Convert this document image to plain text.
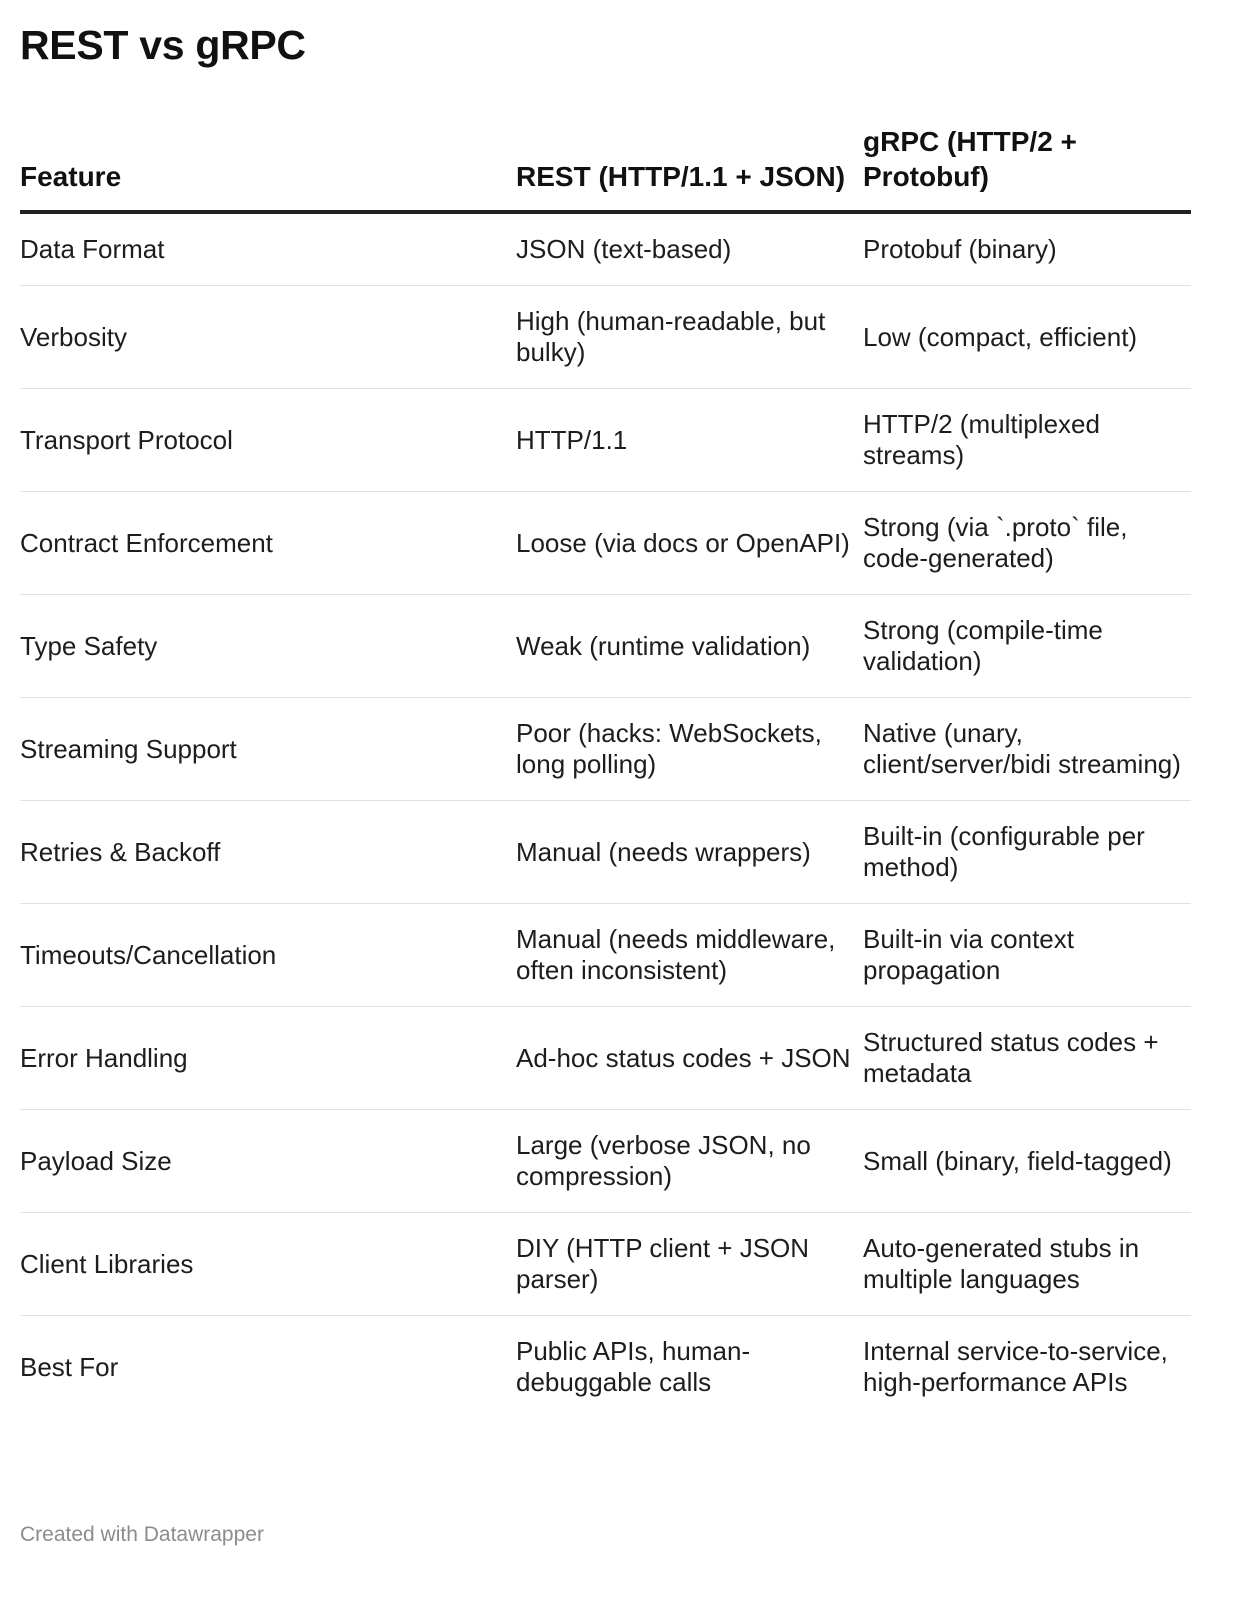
REST vs gRPC
Feature	REST (HTTP/1.1 + JSON)	gRPC (HTTP/2 + Protobuf)
Data Format	JSON (text-based)	Protobuf (binary)
Verbosity	High (human-readable, but bulky)	Low (compact, efficient)
Transport Protocol	HTTP/1.1	HTTP/2 (multiplexed streams)
Contract Enforcement	Loose (via docs or OpenAPI)	Strong (via `.proto` file, code-generated)
Type Safety	Weak (runtime validation)	Strong (compile-time validation)
Streaming Support	Poor (hacks: WebSockets, long polling)	Native (unary, client/server/bidi streaming)
Retries & Backoff	Manual (needs wrappers)	Built-in (configurable per method)
Timeouts/Cancellation	Manual (needs middleware, often inconsistent)	Built-in via context propagation
Error Handling	Ad-hoc status codes + JSON	Structured status codes + metadata
Payload Size	Large (verbose JSON, no compression)	Small (binary, field-tagged)
Client Libraries	DIY (HTTP client + JSON parser)	Auto-generated stubs in multiple languages
Best For	Public APIs, human-debuggable calls	Internal service-to-service, high-performance APIs
Created with Datawrapper
